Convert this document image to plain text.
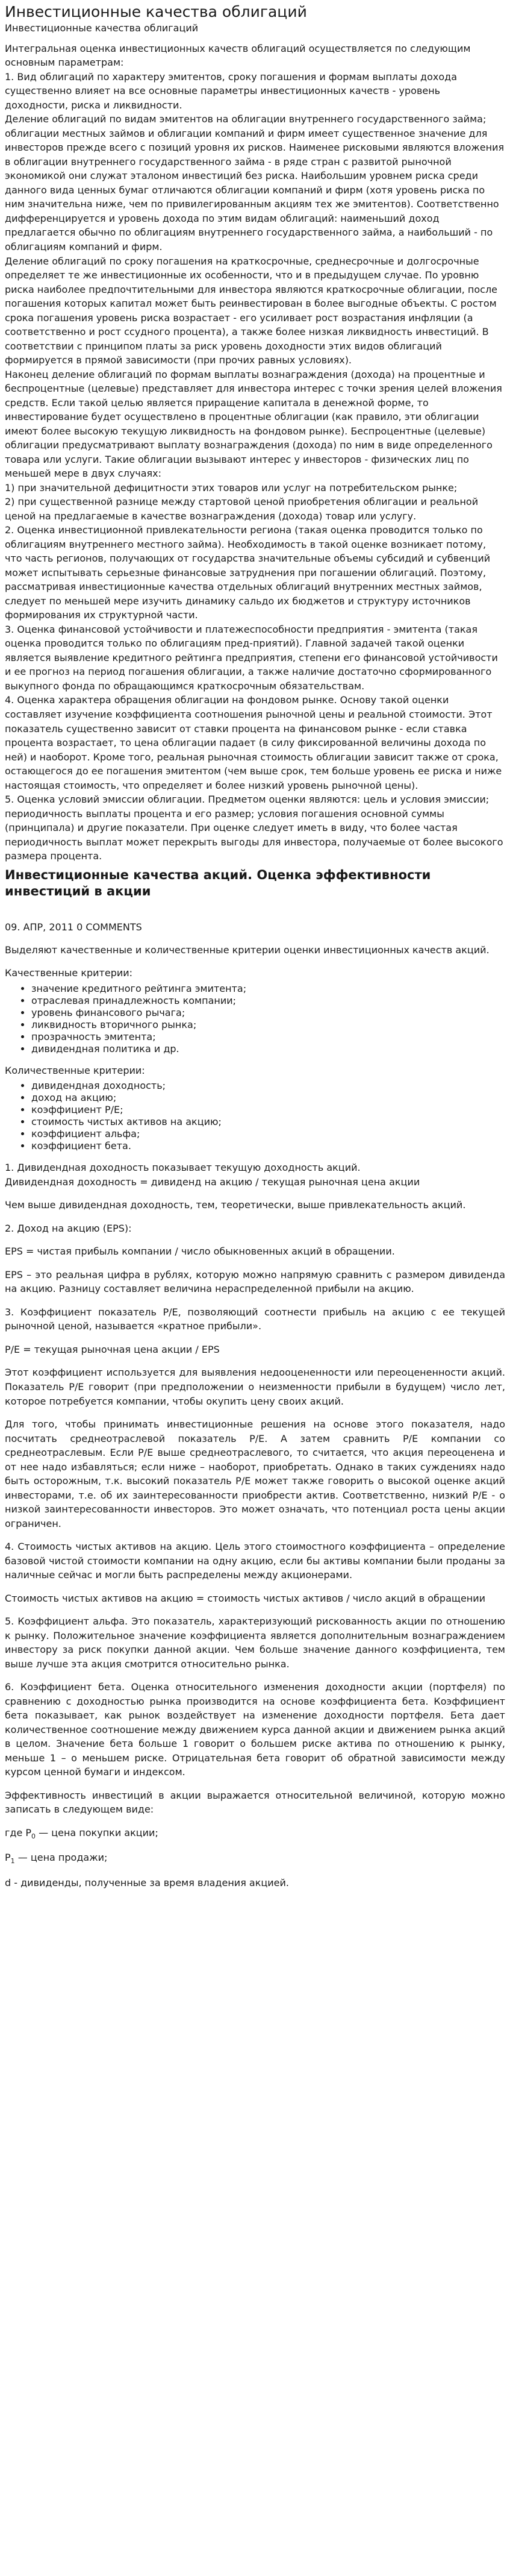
Инвестиционные качества облигаций
Инвестиционные качества облигаций

Интегральная оценка инвестиционных качеств облигаций осуществляется по следующим основным параметрам:

1. Вид облигаций по характеру эмитентов, сроку погашения и формам выплаты дохода существенно влияет на все основные параметры инвестиционных качеств - уровень доходности, риска и ликвидности.

Деление облигаций по видам эмитентов на облигации внутреннего государственного займа; облигации местных займов и облигации компаний и фирм имеет существенное значение для инвесторов прежде всего с позиций уровня их рисков. Наименее рисковыми являются вложения в облигации внутреннего государственного займа - в ряде стран с развитой рыночной экономикой они служат эталоном инвестиций без риска. Наибольшим уровнем риска среди данного вида ценных бумаг отличаются облигации компаний и фирм (хотя уровень риска по ним значительна ниже, чем по привилегированным акциям тех же эмитентов). Соответственно дифференцируется и уровень дохода по этим видам облигаций: наименьший доход предлагается обычно по облигациям внутреннего государственного займа, а наибольший - по облигациям компаний и фирм.

Деление облигаций по сроку погашения на краткосрочные, среднесрочные и долгосрочные определяет те же инвестиционные их особенности, что и в предыдущем случае. По уровню риска наиболее предпочтительными для инвестора являются краткосрочные облигации, после погашения которых капитал может быть реинвестирован в более выгодные объекты. С ростом срока погашения уровень риска возрастает - его усиливает рост возрастания инфляции (а соответственно и рост ссудного процента), а также более низкая ликвидность инвестиций. В соответствии с принципом платы за риск уровень доходности этих видов облигаций формируется в прямой зависимости (при прочих равных условиях).

Наконец деление облигаций по формам выплаты вознаграждения (дохода) на процентные и беспроцентные (целевые) представляет для инвестора интерес с точки зрения целей вложения средств. Если такой целью является приращение капитала в денежной форме, то инвестирование будет осуществлено в процентные облигации (как правило, эти облигации имеют более высокую текущую ликвидность на фондовом рынке). Беспроцентные (целевые) облигации предусматривают выплату вознаграждения (дохода) по ним в виде определенного товара или услуги. Такие облигации вызывают интерес у инвесторов - физических лиц по меньшей мере в двух случаях:

1) при значительной дефицитности этих товаров или услуг на потребительском рынке;

2) при существенной разнице между стартовой ценой приобретения облигации и реальной ценой на предлагаемые в качестве вознаграждения (дохода) товар или услугу.

2. Оценка инвестиционной привлекательности региона (такая оценка проводится только по облигациям внутреннего местного займа). Необходимость в такой оценке возникает потому, что часть регионов, получающих от государства значительные объемы субсидий и субвенций может испытывать серьезные финансовые затруднения при погашении облигаций. Поэтому, рассматривая инвестиционные качества отдельных облигаций внутренних местных займов, следует по меньшей мере изучить динамику сальдо их бюджетов и структуру источников формирования их структурной части.

3. Оценка финансовой устойчивости и платежеспособности предприятия - эмитента (такая оценка проводится только по облигациям пред-приятий). Главной задачей такой оценки является выявление кредитного рейтинга предприятия, степени его финансовой устойчивости и ее прогноз на период погашения облигации, а также наличие достаточно сформированного выкупного фонда по обращающимся краткосрочным обязательствам.

4. Оценка характера обращения облигации на фондовом рынке. Основу такой оценки составляет изучение коэффициента соотношения рыночной цены и реальной стоимости. Этот показатель существенно зависит от ставки процента на финансовом рынке - если ставка процента возрастает, то цена облигации падает (в силу фиксированной величины дохода по ней) и наоборот. Кроме того, реальная рыночная стоимость облигации зависит также от срока, остающегося до ее погашения эмитентом (чем выше срок, тем больше уровень ее риска и ниже настоящая стоимость, что определяет и более низкий уровень рыночной цены).

5. Оценка условий эмиссии облигации. Предметом оценки являются: цель и условия эмиссии; периодичность выплаты процента и его размер; условия погашения основной суммы (принципала) и другие показатели. При оценке следует иметь в виду, что более частая периодичность выплат может перекрыть выгоды для инвестора, получаемые от более высокого размера процента.

Инвестиционные качества акций. Оценка эффективности инвестиций в акции
09. АПР, 2011 0 COMMENTS

Выделяют качественные и количественные критерии оценки инвестиционных качеств акций.

Качественные критерии:

• значение кредитного рейтинга эмитента;
• отраслевая принадлежность компании;
• уровень финансового рычага;
• ликвидность вторичного рынка;
• прозрачность эмитента;
• дивидендная политика и др.

Количественные критерии:

• дивидендная доходность;
• доход на акцию;
• коэффициент P/E;
• стоимость чистых активов на акцию;
• коэффициент альфа;
• коэффициент бета.

1. Дивидендная доходность показывает текущую доходность акций.

Дивидендная доходность = дивиденд на акцию / текущая рыночная цена акции

Чем выше дивидендная доходность, тем, теоретически, выше привлекательность акций.

2. Доход на акцию (EPS):

EPS = чистая прибыль компании / число обыкновенных акций в обращении.

EPS – это реальная цифра в рублях, которую можно напрямую сравнить с размером дивиденда на акцию. Разницу составляет величина нераспределенной прибыли на акцию.

3. Коэффициент показатель P/E, позволяющий соотнести прибыль на акцию с ее текущей рыночной ценой, называется «кратное прибыли».

P/E = текущая рыночная цена акции / EPS

Этот коэффициент используется для выявления недооцененности или переоцененности акций. Показатель P/E говорит (при предположении о неизменности прибыли в будущем) число лет, которое потребуется компании, чтобы окупить цену своих акций.

Для того, чтобы принимать инвестиционные решения на основе этого показателя, надо посчитать среднеотраслевой показатель P/E. А затем сравнить P/E компании со среднеотраслевым. Если P/E выше среднеотраслевого, то считается, что акция переоценена и от нее надо избавляться; если ниже – наоборот, приобретать. Однако в таких суждениях надо быть осторожным, т.к. высокий показатель P/E может также говорить о высокой оценке акций инвесторами, т.е. об их заинтересованности приобрести актив. Соответственно, низкий P/E - о низкой заинтересованности инвесторов. Это может означать, что потенциал роста цены акции ограничен.

4. Стоимость чистых активов на акцию. Цель этого стоимостного коэффициента – определение базовой чистой стоимости компании на одну акцию, если бы активы компании были проданы за наличные сейчас и могли быть распределены между акционерами.

Стоимость чистых активов на акцию = стоимость чистых активов / число акций в обращении

5. Коэффициент альфа. Это показатель, характеризующий рискованность акции по отношению к рынку. Положительное значение коэффициента является дополнительным вознаграждением инвестору за риск покупки данной акции. Чем больше значение данного коэффициента, тем выше лучше эта акция смотрится относительно рынка.

6. Коэффициент бета. Оценка относительного изменения доходности акции (портфеля) по сравнению с доходностью рынка производится на основе коэффициента бета. Коэффициент бета показывает, как рынок воздействует на изменение доходности портфеля. Бета дает количественное соотношение между движением курса данной акции и движением рынка акций в целом. Значение бета больше 1 говорит о большем риске актива по отношению к рынку, меньше 1 – о меньшем риске. Отрицательная бета говорит об обратной зависимости между курсом ценной бумаги и индексом.

Эффективность инвестиций в акции выражается относительной величиной, которую можно записать в следующем виде:

где $P_0$ — цена покупки акции;

$P_1$ — цена продажи;

d - дивиденды, полученные за время владения акцией.
